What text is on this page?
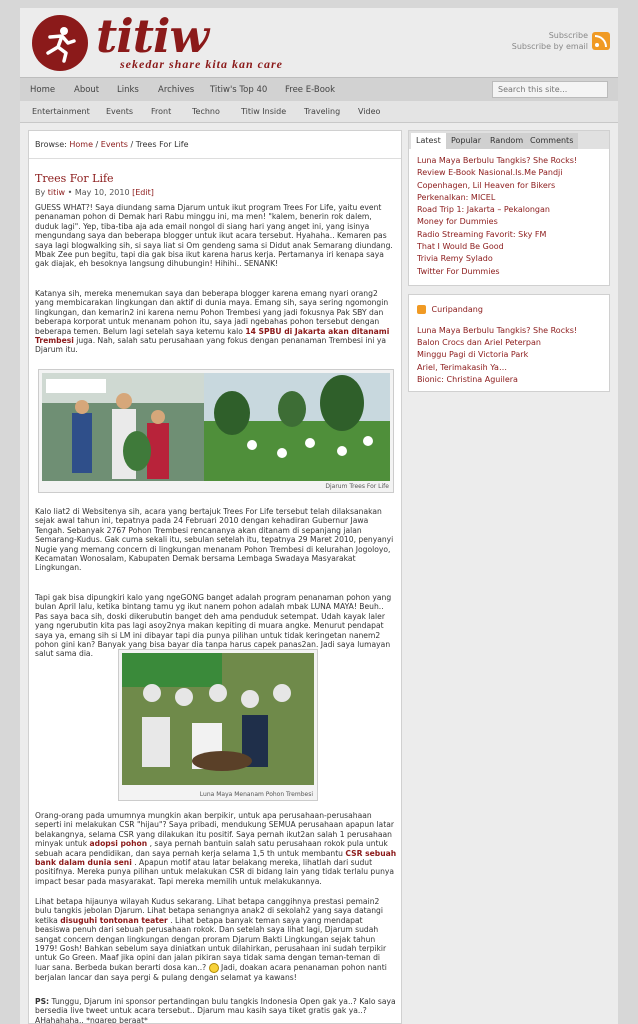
titiw
sekedar share kita kan care
Subscribe
Subscribe by email
Home About Links Archives Titiw's Top 40 Free E-Book
Search this site...
Entertainment Events Front	Techno	Titiw Inside Traveling Video
Browse: Home / Events / Trees For Life
Trees For Life
By titiw • May 10, 2010 [Edit]
GUESS WHAT?! Saya diundang sama Djarum untuk ikut program Trees For Life, yaitu event penanaman pohon di Demak hari Rabu minggu ini, ma men! "kalem, benerin rok dalem, duduk lagi". Yep, tiba-tiba aja ada email nongol di siang hari yang anget ini, yang isinya mengundang saya dan beberapa blogger untuk ikut acara tersebut. Hyahaha.. Kemaren pas saya lagi blogwalking sih, si saya liat si Om gendeng sama si Didut anak Semarang diundang. Mbak Zee pun begitu, tapi dia gak bisa ikut karena harus kerja. Pertamanya iri kenapa saya gak diajak, eh besoknya langsung dihubungin! Hihihi.. SENANK!
Katanya sih, mereka menemukan saya dan beberapa blogger karena emang nyari orang2 yang membicarakan lingkungan dan aktif di dunia maya. Emang sih, saya sering ngomongin lingkungan, dan kemarin2 ini karena nemu Pohon Trembesi yang jadi fokusnya Pak SBY dan beberapa korporat untuk menanam pohon itu, saya jadi ngebahas pohon tersebut dengan beberapa temen. Belum lagi setelah saya ketemu kalo 14 SPBU di Jakarta akan ditanami Trembesi juga. Nah, salah satu perusahaan yang fokus dengan penanaman Trembesi ini ya Djarum itu.
Djarum Trees For Life
Kalo liat2 di Websitenya sih, acara yang bertajuk Trees For Life tersebut telah dilaksanakan sejak awal tahun ini, tepatnya pada 24 Februari 2010 dengan kehadiran Gubernur Jawa Tengah. Sebanyak 2767 Pohon Trembesi rencananya akan ditanam di sepanjang jalan Semarang-Kudus. Gak cuma sekali itu, sebulan setelah itu, tepatnya 29 Maret 2010, penyanyi Nugie yang memang concern di lingkungan menanam Pohon Trembesi di kelurahan Jogoloyo, Kecamatan Wonosalam, Kabupaten Demak bersama Lembaga Swadaya Masyarakat Lingkungan.
Tapi gak bisa dipungkiri kalo yang ngeGONG banget adalah program penanaman pohon yang bulan April lalu, ketika bintang tamu yg ikut nanem pohon adalah mbak LUNA MAYA! Beuh.. Pas saya baca sih, doski dikerubutin banget deh ama penduduk setempat. Udah kayak laler yang ngerubutin kita pas lagi asoy2nya makan kepiting di muara angke. Menurut pendapat saya ya, emang sih si LM ini dibayar tapi dia punya pilihan untuk tidak keringetan nanem2 pohon gini kan? Banyak yang bisa bayar dia tanpa harus capek panas2an. Jadi saya lumayan salut sama dia.
Luna Maya Menanam Pohon Trembesi
Orang-orang pada umumnya mungkin akan berpikir, untuk apa perusahaan-perusahaan seperti ini melakukan CSR "hijau"? Saya pribadi, mendukung SEMUA perusahaan apapun latar belakangnya, selama CSR yang dilakukan itu positif. Saya pernah ikut2an salah 1 perusahaan minyak untuk adopsi pohon , saya pernah bantuin salah satu perusahaan rokok pula untuk sebuah acara pendidikan, dan saya pernah kerja selama 1,5 th untuk membantu CSR sebuah bank dalam dunia seni . Apapun motif atau latar belakang mereka, lihatlah dari sudut positifnya. Mereka punya pilihan untuk melakukan CSR di bidang lain yang tidak terlalu punya impact besar pada masyarakat. Tapi mereka memilih untuk melakukannya.
Lihat betapa hijaunya wilayah Kudus sekarang. Lihat betapa canggihnya prestasi pemain2 bulu tangkis jebolan Djarum. Lihat betapa senangnya anak2 di sekolah2 yang saya datangi ketika disuguhi tontonan teater . Lihat betapa banyak teman saya yang mendapat beasiswa penuh dari sebuah perusahaan rokok. Dan setelah saya lihat lagi, Djarum sudah sangat concern dengan lingkungan dengan proram Djarum Bakti Lingkungan sejak tahun 1979! Gosh! Bahkan sebelum saya diniatkan untuk dilahirkan, perusahaan ini sudah terpikir untuk Go Green. Maaf jika opini dan jalan pikiran saya tidak sama dengan teman-teman di luar sana. Berbeda bukan berarti dosa kan..? Jadi, doakan acara penanaman pohon nanti berjalan lancar dan saya pergi & pulang dengan selamat ya kawans!
PS: Tunggu, Djarum ini sponsor pertandingan bulu tangkis Indonesia Open gak ya..? Kalo saya bersedia live tweet untuk acara tersebut.. Djarum mau kasih saya tiket gratis gak ya..? AHahahaha.. *ngarep beraat*
Latest	Popular	Random Comments
Luna Maya Berbulu Tangkis? She Rocks!
Review E-Book Nasional.Is.Me Pandji
Copenhagen, Lil Heaven for Bikers
Perkenalkan: MICEL
Road Trip 1: Jakarta – Pekalongan
Money for Dummies
Radio Streaming Favorit: Sky FM
That I Would Be Good
Trivia Remy Sylado
Twitter For Dummies
Curipandang
Luna Maya Berbulu Tangkis? She Rocks!
Balon Crocs dan Ariel Peterpan
Minggu Pagi di Victoria Park
Ariel, Terimakasih Ya…
Bionic: Christina Aguilera
